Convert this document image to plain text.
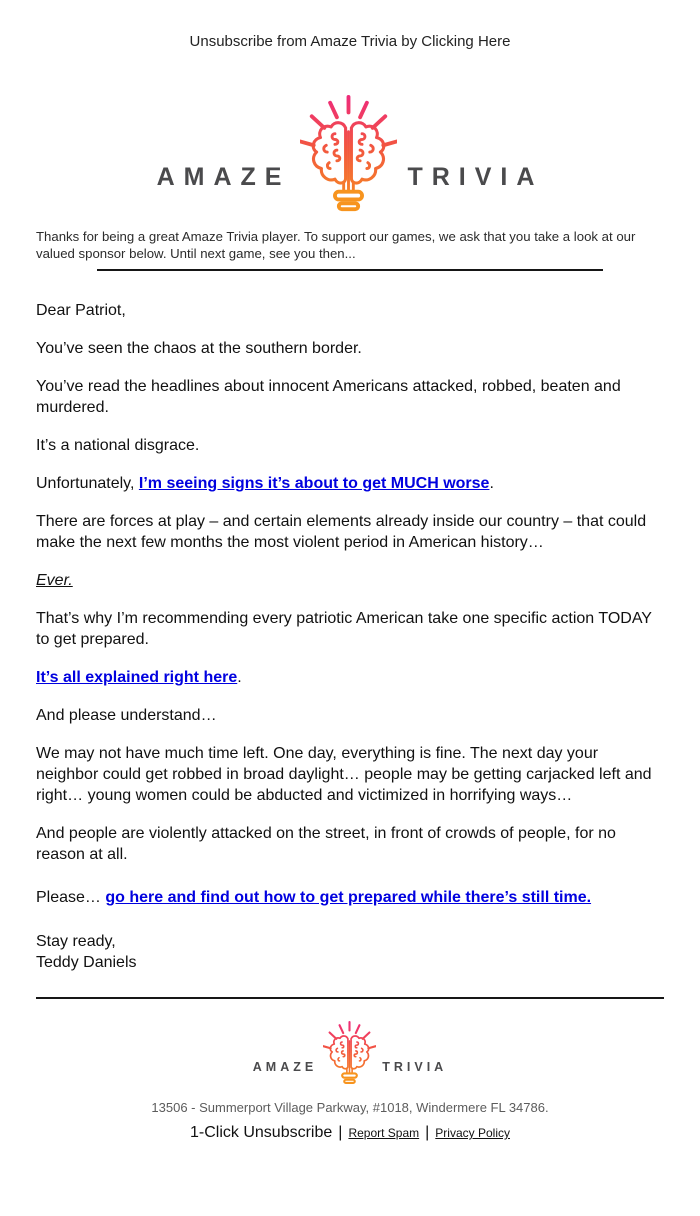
Unsubscribe from Amaze Trivia by Clicking Here
AMAZE	TRIVIA

Thanks for being a great Amaze Trivia player. To support our games, we ask that you take a look at our valued sponsor below. Until next game, see you then...

Dear Patriot,

You’ve seen the chaos at the southern border.

You’ve read the headlines about innocent Americans attacked, robbed, beaten and murdered.

It’s a national disgrace.

Unfortunately, I’m seeing signs it’s about to get MUCH worse.

There are forces at play – and certain elements already inside our country – that could make the next few months the most violent period in American history…

Ever.

That’s why I’m recommending every patriotic American take one specific action TODAY to get prepared.

It’s all explained right here.

And please understand…

We may not have much time left. One day, everything is fine. The next day your neighbor could get robbed in broad daylight… people may be getting carjacked left and right… young women could be abducted and victimized in horrifying ways…

And people are violently attacked on the street, in front of crowds of people, for no reason at all.

Please… go here and find out how to get prepared while there’s still time.

Stay ready,
Teddy Daniels

AMAZE	TRIVIA
13506 - Summerport Village Parkway, #1018, Windermere FL 34786.
1-Click Unsubscribe | Report Spam | Privacy Policy
